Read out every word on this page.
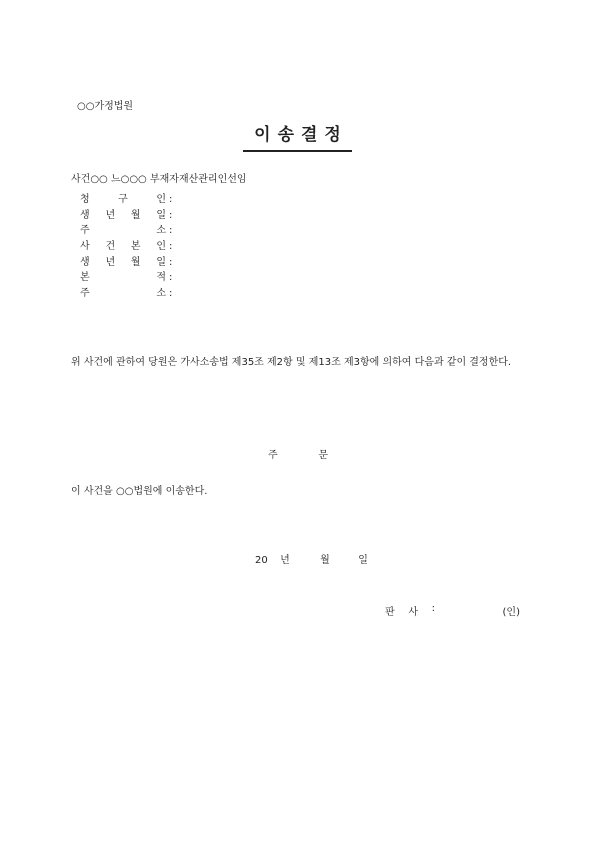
○○가정법원
이송결정
사건○○ 느○○○ 부재자재산관리인선임
청	구	인 :
생 년 월 일 :
주	소 :
사 건 본 인 :
생 년 월 일 :
본	적 :
주	소 :
위 사건에 관하여 당원은 가사소송법 제35조 제2항 및 제13조 제3항에 의하여 다음과 같이 결정한다.
주	문
이 사건을 ○○법원에 이송한다.
20 년	월	일
판 사 :	(인)
